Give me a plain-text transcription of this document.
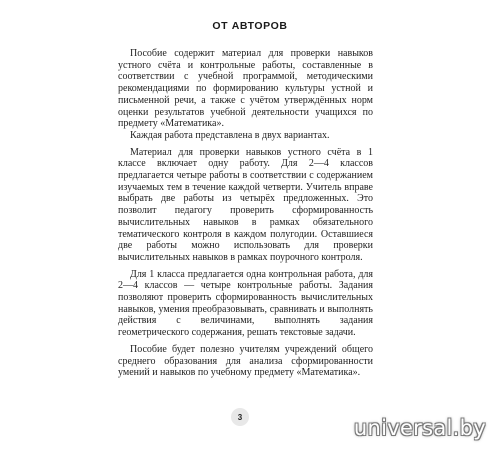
ОТ АВТОРОВ

Пособие содержит материал для проверки навыков устного счёта и контрольные работы, составленные в соответствии с учебной программой, методическими рекомендациями по формированию культуры устной и письменной речи, а также с учётом утверждённых норм оценки результатов учебной деятельности учащихся по предмету «Математика».

Каждая работа представлена в двух вариантах.

Материал для проверки навыков устного счёта в 1 классе включает одну работу. Для 2—4 классов предлагается четыре работы в соответствии с содержанием изучаемых тем в течение каждой четверти. Учитель вправе выбрать две работы из четырёх предложенных. Это позволит педагогу проверить сформированность вычислительных навыков в рамках обязательного тематического контроля в каждом полугодии. Оставшиеся две работы можно использовать для проверки вычислительных навыков в рамках поурочного контроля.

Для 1 класса предлагается одна контрольная работа, для 2—4 классов — четыре контрольные работы. Задания позволяют проверить сформированность вычислительных навыков, умения преобразовывать, сравнивать и выполнять действия с величинами, выполнять задания геометрического содержания, решать текстовые задачи.

Пособие будет полезно учителям учреждений общего среднего образования для анализа сформированности умений и навыков по учебному предмету «Математика».

3	universal.by
